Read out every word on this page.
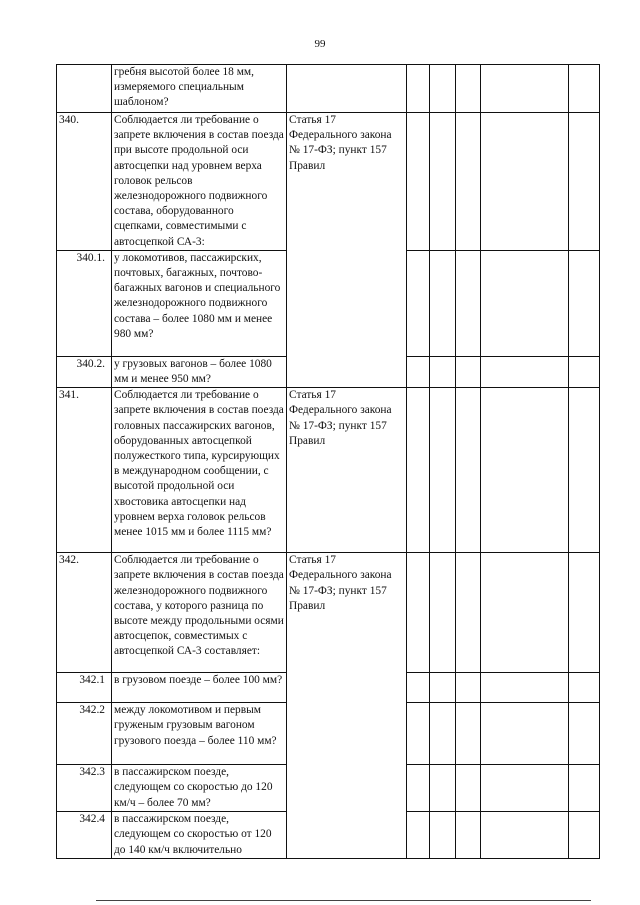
99
	гребня высотой более 18 мм, измеряемого специальным шаблоном?						
340.	Соблюдается ли требование о запрете включения в состав поезда при высоте продольной оси автосцепки над уровнем верха головок рельсов железнодорожного подвижного состава, оборудованного сцепками, совместимыми с автосцепкой СА-3:	Статья 17 Федерального закона № 17-ФЗ; пункт 157 Правил					
340.1.	у локомотивов, пассажирских, почтовых, багажных, почтово-багажных вагонов и специального железнодорожного подвижного состава – более 1080 мм и менее 980 мм?						
340.2.	у грузовых вагонов – более 1080 мм и менее 950 мм?						
341.	Соблюдается ли требование о запрете включения в состав поезда головных пассажирских вагонов, оборудованных автосцепкой полужесткого типа, курсирующих в международном сообщении, с высотой продольной оси хвостовика автосцепки над уровнем верха головок рельсов менее 1015 мм и более 1115 мм?	Статья 17 Федерального закона № 17-ФЗ; пункт 157 Правил					
342.	Соблюдается ли требование о запрете включения в состав поезда железнодорожного подвижного состава, у которого разница по высоте между продольными осями автосцепок, совместимых с автосцепкой СА-3 составляет:	Статья 17 Федерального закона № 17-ФЗ; пункт 157 Правил					
342.1	в грузовом поезде – более 100 мм?						
342.2	между локомотивом и первым груженым грузовым вагоном грузового поезда – более 110 мм?						
342.3	в пассажирском поезде, следующем со скоростью до 120 км/ч – более 70 мм?						
342.4	в пассажирском поезде, следующем со скоростью от 120 до 140 км/ч включительно						
